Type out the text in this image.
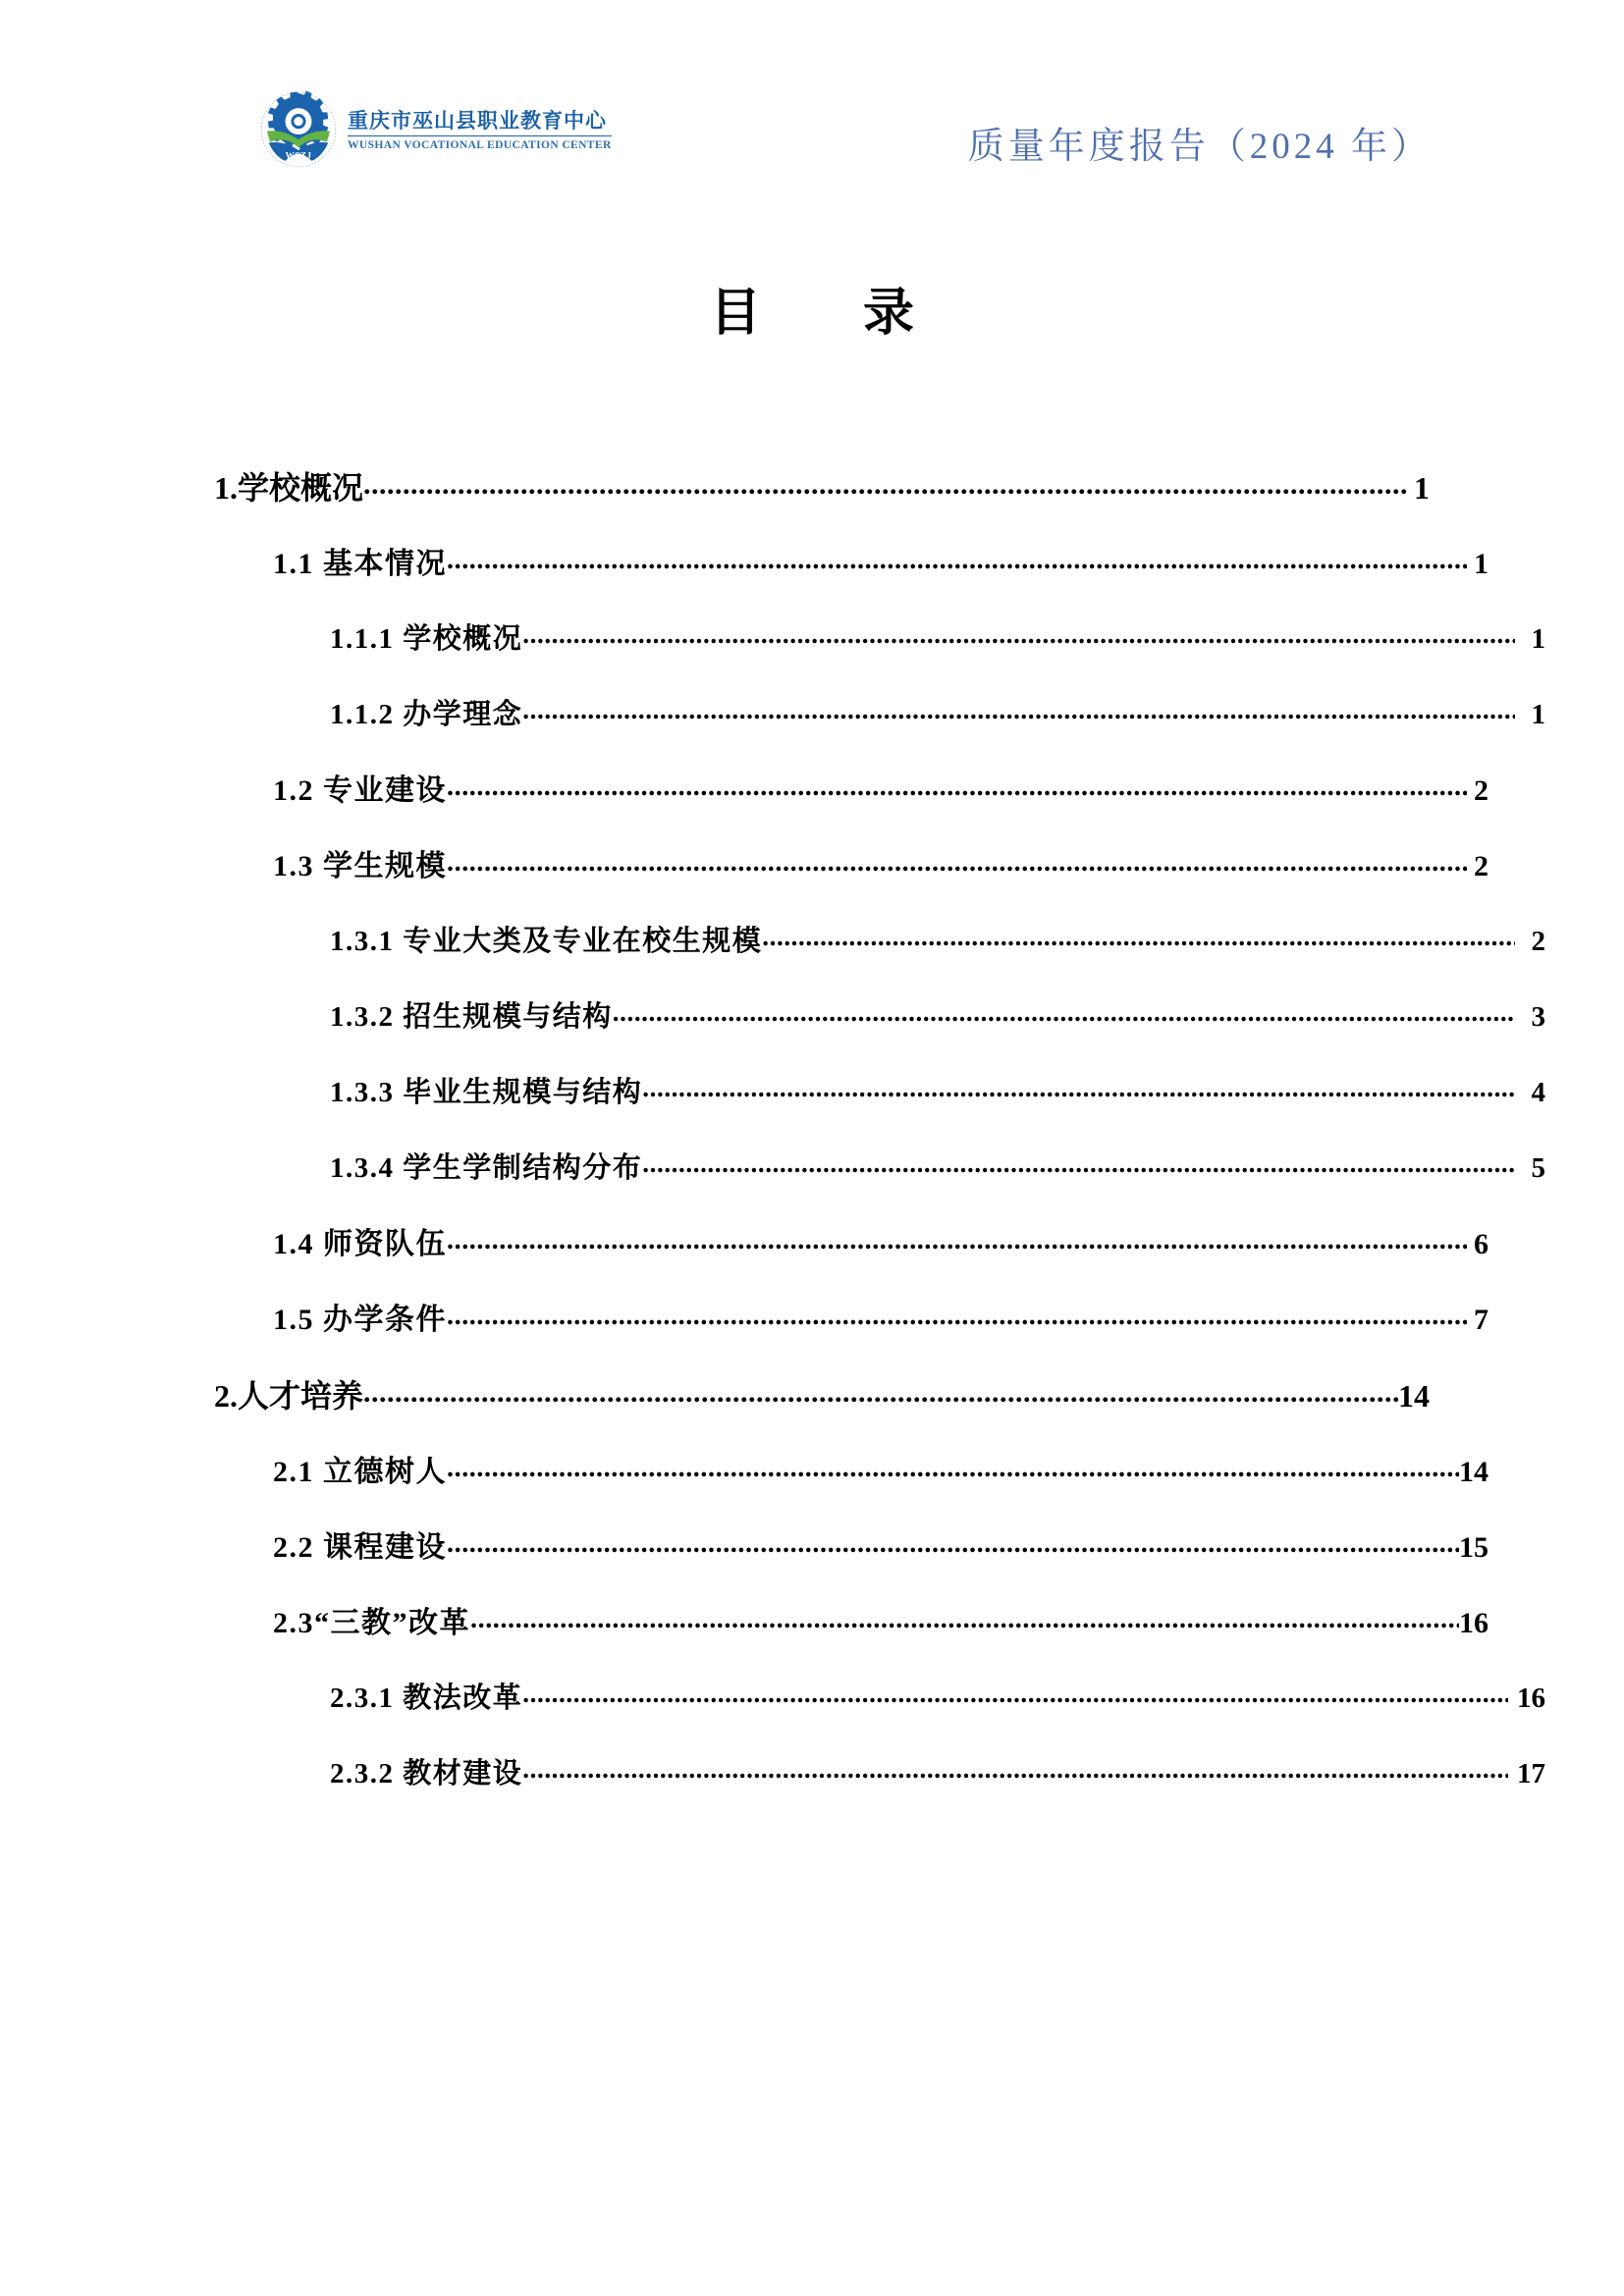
WSZJ
重庆市巫山县职业教育中心
WUSHAN VOCATIONAL EDUCATION CENTER	质量年度报告（2024 年）
目　录
1.学校概况 .....	1
1.1 基本情况 .....	1
1.1.1 学校概况 .....	1
1.1.2 办学理念 .....	1
1.2 专业建设 .....	2
1.3 学生规模 .....	2
1.3.1 专业大类及专业在校生规模 .....	2
1.3.2 招生规模与结构 .....	3
1.3.3 毕业生规模与结构 .....	4
1.3.4 学生学制结构分布 .....	5
1.4 师资队伍 .....	6
1.5 办学条件 .....	7
2.人才培养 .....	14
2.1 立德树人 .....	14
2.2 课程建设 .....	15
2.3“三教”改革 .....	16
2.3.1 教法改革 .....	16
2.3.2 教材建设 .....	17
